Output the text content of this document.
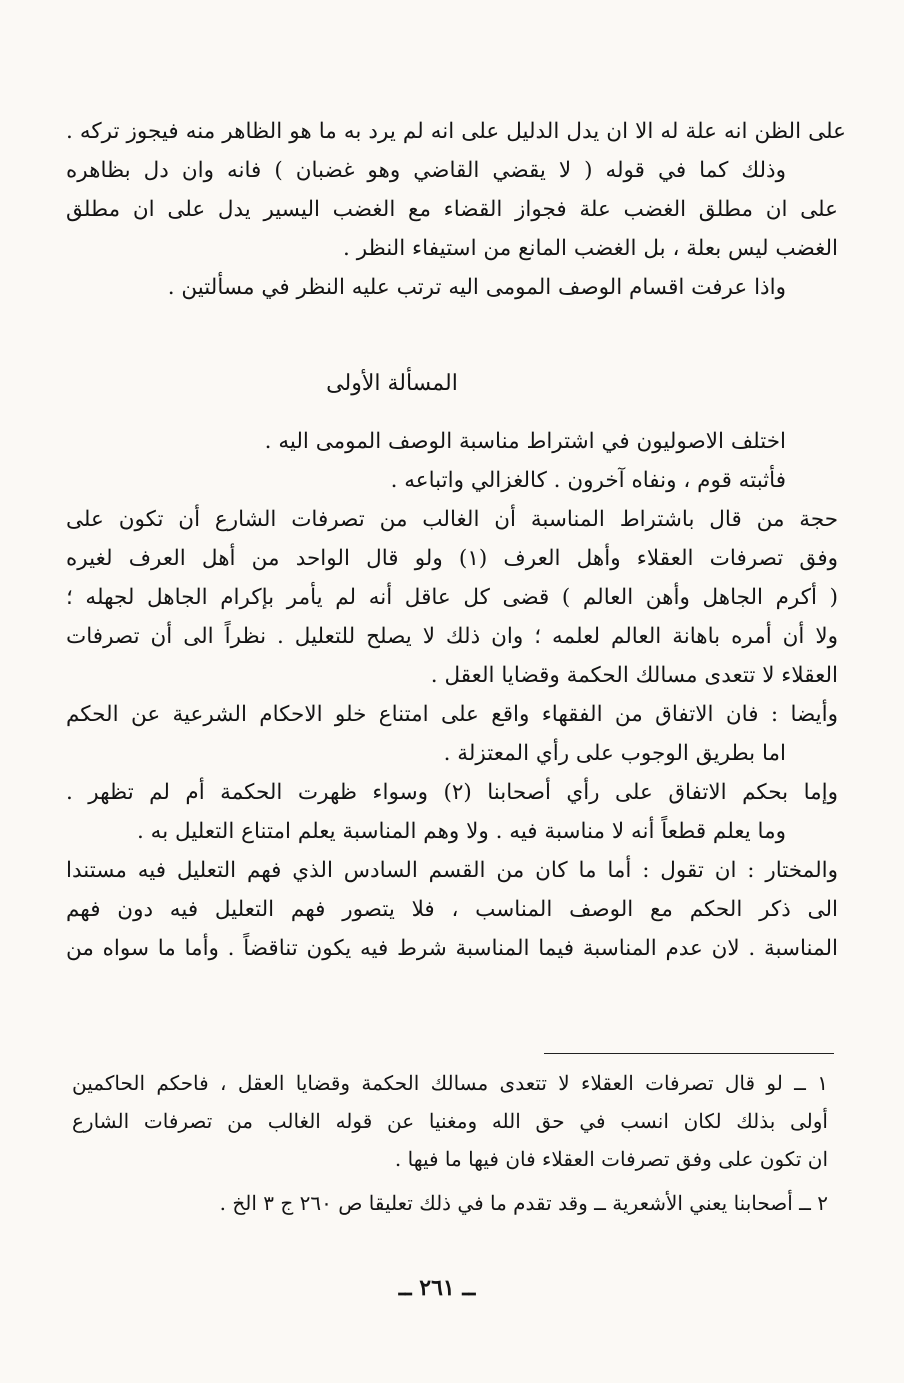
على الظن انه علة له الا ان يدل الدليل على انه لم يرد به ما هو الظاهر منه فيجوز تركه .
وذلك كما في قوله ( لا يقضي القاضي وهو غضبان ) فانه وان دل بظاهره
على ان مطلق الغضب علة فجواز القضاء مع الغضب اليسير يدل على ان مطلق
الغضب ليس بعلة ، بل الغضب المانع من استيفاء النظر .
واذا عرفت اقسام الوصف المومى اليه ترتب عليه النظر في مسألتين .
المسألة الأولى
اختلف الاصوليون في اشتراط مناسبة الوصف المومى اليه .
فأثبته قوم ، ونفاه آخرون . كالغزالي واتباعه .
حجة من قال باشتراط المناسبة أن الغالب من تصرفات الشارع أن تكون على
وفق تصرفات العقلاء وأهل العرف (١) ولو قال الواحد من أهل العرف لغيره
( أكرم الجاهل وأهن العالم ) قضى كل عاقل أنه لم يأمر بإكرام الجاهل لجهله ؛
ولا أن أمره باهانة العالم لعلمه ؛ وان ذلك لا يصلح للتعليل . نظراً الى أن تصرفات
العقلاء لا تتعدى مسالك الحكمة وقضايا العقل .
وأيضا : فان الاتفاق من الفقهاء واقع على امتناع خلو الاحكام الشرعية عن الحكم
اما بطريق الوجوب على رأي المعتزلة .
وإما بحكم الاتفاق على رأي أصحابنا (٢) وسواء ظهرت الحكمة أم لم تظهر .
وما يعلم قطعاً أنه لا مناسبة فيه . ولا وهم المناسبة يعلم امتناع التعليل به .
والمختار : ان تقول : أما ما كان من القسم السادس الذي فهم التعليل فيه مستندا
الى ذكر الحكم مع الوصف المناسب ، فلا يتصور فهم التعليل فيه دون فهم
المناسبة . لان عدم المناسبة فيما المناسبة شرط فيه يكون تناقضاً . وأما ما سواه من
١ ــ لو قال تصرفات العقلاء لا تتعدى مسالك الحكمة وقضايا العقل ، فاحكم الحاكمين
أولى بذلك لكان انسب في حق الله ومغنيا عن قوله الغالب من تصرفات الشارع
ان تكون على وفق تصرفات العقلاء فان فيها ما فيها .
٢ ــ أصحابنا يعني الأشعرية ــ وقد تقدم ما في ذلك تعليقا ص ٢٦٠ ج ٣ الخ .
ــ ٢٦١ ــ
